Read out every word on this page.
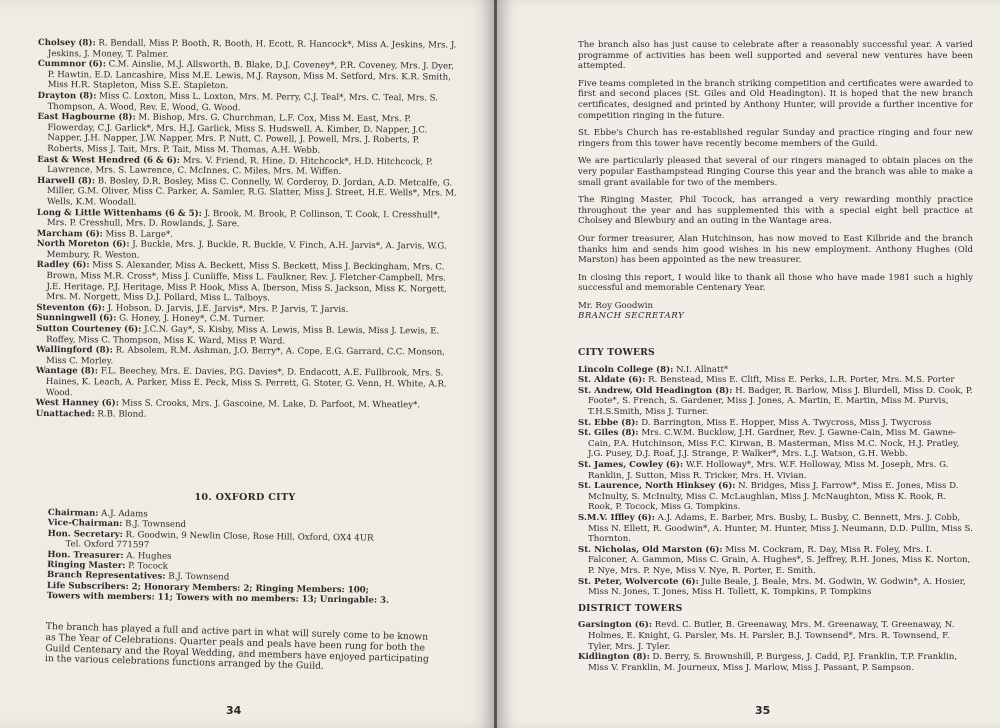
Cholsey (8): R. Bendall, Miss P. Booth, R. Booth, H. Ecott, R. Hancock*, Miss A. Jeskins, Mrs. J. Jeskins, J. Money, T. Palmer.
Cummnor (6): C.M. Ainslie, M.J. Allsworth, B. Blake, D.J. Coveney*, P.R. Coveney, Mrs. J. Dyer, P. Hawtin, E.D. Lancashire, Miss M.E. Lewis, M.J. Rayson, Miss M. Setford, Mrs. K.R. Smith, Miss H.R. Stapleton, Miss S.E. Stapleton.
Drayton (8): Miss C. Loxton, Miss L. Loxton, Mrs. M. Perry, C.J. Teal*, Mrs. C. Teal, Mrs. S. Thompson, A. Wood, Rev. E. Wood, G. Wood.
East Hagbourne (8): M. Bishop, Mrs. G. Churchman, L.F. Cox, Miss M. East, Mrs. P. Flowerday, C.J. Garlick*, Mrs. H.J. Garlick, Miss S. Hudswell, A. Kimber, D. Napper, J.C. Napper, J.H. Napper, J.W. Napper, Mrs. P. Nutt, C. Powell, J. Powell, Mrs. J. Roberts, P. Roberts, Miss J. Tait, Mrs. P. Tait, Miss M. Thomas, A.H. Webb.
East & West Hendred (6 & 6): Mrs. V. Friend, R. Hine, D. Hitchcock*, H.D. Hitchcock, P. Lawrence, Mrs. S. Lawrence, C. McInnes, C. Miles, Mrs. M. Wiffen.
Harwell (8): B. Bosley, D.R. Bosley, Miss C. Connelly, W. Corderoy, D. Jordan, A.D. Metcalfe, G. Miller, G.M. Oliver, Miss C. Parker, A. Samler, R.G. Slatter, Miss J. Street, H.E. Wells*, Mrs. M. Wells, K.M. Woodall.
Long & Little Wittenhams (6 & 5): J. Brook, M. Brook, P. Collinson, T. Cook, I. Cresshull*, Mrs. P. Cresshull, Mrs. D. Rowlands, J. Sare.
Marcham (6): Miss B. Large*.
North Moreton (6): J. Buckle, Mrs. J. Buckle, R. Buckle, V. Finch, A.H. Jarvis*, A. Jarvis, W.G. Membury, R. Weston.
Radley (6): Miss S. Alexander, Miss A. Beckett, Miss S. Beckett, Miss J. Beckingham, Mrs. C. Brown, Miss M.R. Cross*, Miss J. Cunliffe, Miss L. Faulkner, Rev. J. Fletcher-Campbell, Mrs. J.E. Heritage, P.J. Heritage, Miss P. Hook, Miss A. Iberson, Miss S. Jackson, Miss K. Norgett, Mrs. M. Norgett, Miss D.J. Pollard, Miss L. Talboys.
Steventon (6): J. Hobson, D. Jarvis, J.E. Jarvis*, Mrs. P. Jarvis, T. Jarvis.
Sunningwell (6): G. Honey, J. Honey*, C.M. Turner.
Sutton Courteney (6): J.C.N. Gay*, S. Kisby, Miss A. Lewis, Miss B. Lewis, Miss J. Lewis, E. Roffey, Miss C. Thompson, Miss K. Ward, Miss P. Ward.
Wallingford (8): R. Absolem, R.M. Ashman, J.O. Berry*, A. Cope, E.G. Garrard, C.C. Monson, Miss C. Morley.
Wantage (8): F.L. Beechey, Mrs. E. Davies, P.G. Davies*, D. Endacott, A.E. Fullbrook, Mrs. S. Haines, K. Leach, A. Parker, Miss E. Peck, Miss S. Perrett, G. Stoter, G. Venn, H. White, A.R. Wood.
West Hanney (6): Miss S. Crooks, Mrs. J. Gascoine, M. Lake, D. Parfoot, M. Wheatley*.
Unattached: R.B. Blond.
10. OXFORD CITY
Chairman: A.J. Adams
Vice-Chairman: B.J. Townsend
Hon. Secretary: R. Goodwin, 9 Newlin Close, Rose Hill, Oxford, OX4 4UR
Tel. Oxford 771597
Hon. Treasurer: A. Hughes
Ringing Master: P. Tocock
Branch Representatives: B.J. Townsend
Life Subscribers: 2; Honorary Members: 2; Ringing Members: 100;
Towers with members: 11; Towers with no members: 13; Unringable: 3.
The branch has played a full and active part in what will surely come to be known as The Year of Celebrations. Quarter peals and peals have been rung for both the Guild Centenary and the Royal Wedding, and members have enjoyed participating in the various celebrations functions arranged by the Guild.
34

The branch also has just cause to celebrate after a reasonably successful year. A varied programme of activities has been well supported and several new ventures have been attempted.

Five teams completed in the branch striking competition and certificates were awarded to first and second places (St. Giles and Old Headington). It is hoped that the new branch certificates, designed and printed by Anthony Hunter, will provide a further incentive for competition ringing in the future.

St. Ebbe's Church has re-established regular Sunday and practice ringing and four new ringers from this tower have recently become members of the Guild.

We are particularly pleased that several of our ringers managed to obtain places on the very popular Easthampstead Ringing Course this year and the branch was able to make a small grant available for two of the members.

The Ringing Master, Phil Tocock, has arranged a very rewarding monthly practice throughout the year and has supplemented this with a special eight bell practice at Cholsey and Blewbury and an outing in the Wantage area.

Our former treasurer, Alan Hutchinson, has now moved to East Kilbride and the branch thanks him and sends him good wishes in his new employment. Anthony Hughes (Old Marston) has been appointed as the new treasurer.

In closing this report, I would like to thank all those who have made 1981 such a highly successful and memorable Centenary Year.

Mr. Roy Goodwin
BRANCH SECRETARY

CITY TOWERS
Lincoln College (8): N.I. Allnatt*
St. Aldate (6): R. Benstead, Miss E. Clift, Miss E. Perks, L.R. Porter, Mrs. M.S. Porter
St. Andrew, Old Headington (8): H. Badger, R. Barlow, Miss J. Blurdell, Miss D. Cook, P. Foote*, S. French, S. Gardener, Miss J. Jones, A. Martin, E. Martin, Miss M. Purvis, T.H.S.Smith, Miss J. Turner.
St. Ebbe (8): D. Barrington, Miss E. Hopper, Miss A. Twycross, Miss J. Twycross
St. Giles (8): Mrs. C.W.M. Bucklow, J.H. Gardner, Rev. J. Gawne-Cain, Miss M. Gawne-Cain, P.A. Hutchinson, Miss F.C. Kirwan, B. Masterman, Miss M.C. Nock, H.J. Pratley, J.G. Pusey, D.J. Roaf, J.J. Strange, P. Walker*, Mrs. L.J. Watson, G.H. Webb.
St. James, Cowley (6): W.F. Holloway*, Mrs. W.F. Holloway, Miss M. Joseph, Mrs. G. Ranklin, J. Sutton, Miss R. Tricker, Mrs. H. Vivian.
St. Laurence, North Hinksey (6): N. Bridges, Miss J. Farrow*, Miss E. Jones, Miss D. McInulty, S. McInulty, Miss C. McLaughlan, Miss J. McNaughton, Miss K. Rook, R. Rook, P. Tocock, Miss G. Tompkins.
S.M.V. Iffley (6): A.J. Adams, E. Barber, Mrs. Busby, L. Busby, C. Bennett, Mrs. J. Cobb, Miss N. Ellett, R. Goodwin*, A. Hunter, M. Hunter, Miss J. Neumann, D.D. Pullin, Miss S. Thornton.
St. Nicholas, Old Marston (6): Miss M. Cockram, R. Day, Miss R. Foley, Mrs. I. Falconer, A. Gammon, Miss C. Grain, A. Hughes*, S. Jeffrey, R.H. Jones, Miss K. Norton, P. Nye, Mrs. P. Nye, Miss V. Nye, R. Porter, E. Smith.
St. Peter, Wolvercote (6): Julie Beale, J. Beale, Mrs. M. Godwin, W. Godwin*, A. Hosier, Miss N. Jones, T. Jones, Miss H. Tollett, K. Tompkins, P. Tompkins
DISTRICT TOWERS
Garsington (6): Revd. C. Butler, B. Greenaway, Mrs. M. Greenaway, T. Greenaway, N. Holmes, E. Knight, G. Parsler, Ms. H. Parsler, B.J. Townsend*, Mrs. R. Townsend, F. Tyler, Mrs. J. Tyler.
Kidlington (8): D. Berry, S. Brownshill, P. Burgess, J. Cadd, P.J. Franklin, T.P. Franklin, Miss V. Franklin, M. Journeux, Miss J. Marlow, Miss J. Passant, P. Sampson.
35
